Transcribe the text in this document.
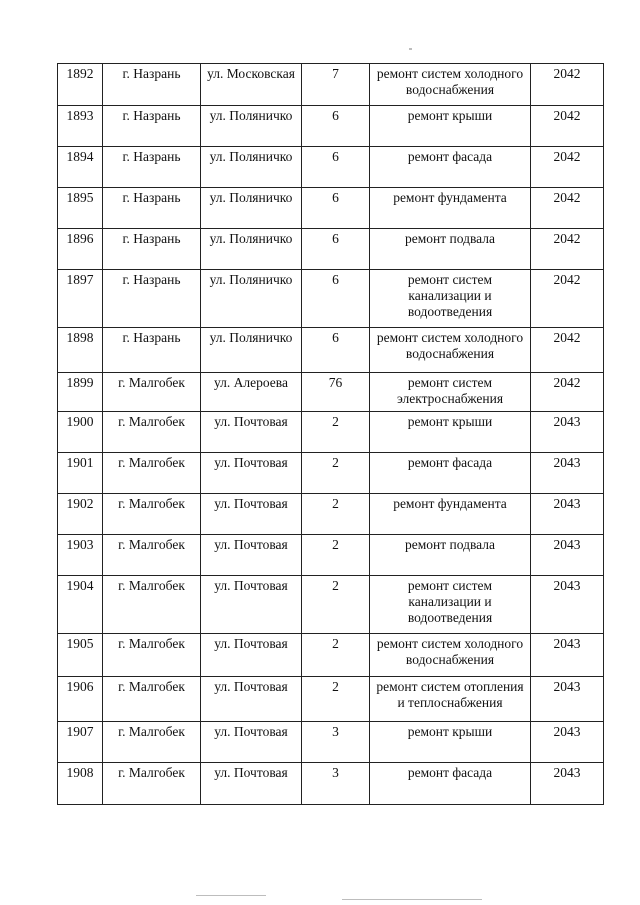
1892	г. Назрань	ул. Московская	7	ремонт систем холодного водоснабжения	2042
1893	г. Назрань	ул. Поляничко	6	ремонт крыши	2042
1894	г. Назрань	ул. Поляничко	6	ремонт фасада	2042
1895	г. Назрань	ул. Поляничко	6	ремонт фундамента	2042
1896	г. Назрань	ул. Поляничко	6	ремонт подвала	2042
1897	г. Назрань	ул. Поляничко	6	ремонт систем канализации и водоотведения	2042
1898	г. Назрань	ул. Поляничко	6	ремонт систем холодного водоснабжения	2042
1899	г. Малгобек	ул. Алероева	76	ремонт систем электроснабжения	2042
1900	г. Малгобек	ул. Почтовая	2	ремонт крыши	2043
1901	г. Малгобек	ул. Почтовая	2	ремонт фасада	2043
1902	г. Малгобек	ул. Почтовая	2	ремонт фундамента	2043
1903	г. Малгобек	ул. Почтовая	2	ремонт подвала	2043
1904	г. Малгобек	ул. Почтовая	2	ремонт систем канализации и водоотведения	2043
1905	г. Малгобек	ул. Почтовая	2	ремонт систем холодного водоснабжения	2043
1906	г. Малгобек	ул. Почтовая	2	ремонт систем отопления и теплоснабжения	2043
1907	г. Малгобек	ул. Почтовая	3	ремонт крыши	2043
1908	г. Малгобек	ул. Почтовая	3	ремонт фасада	2043
